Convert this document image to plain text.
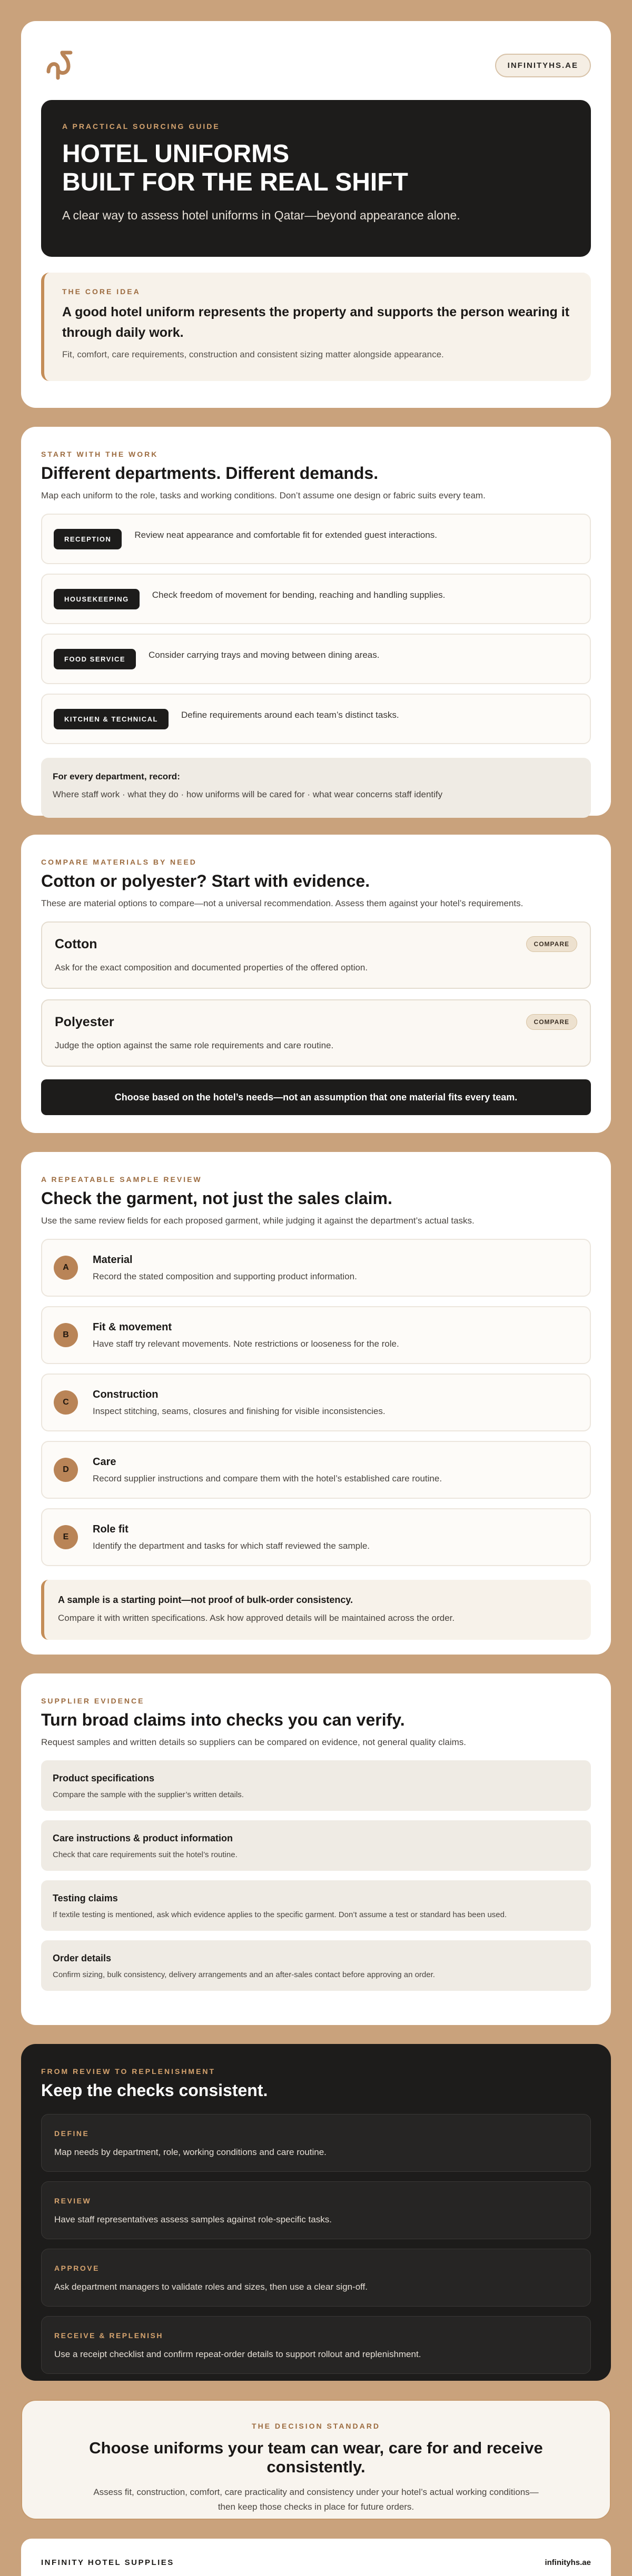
INFINITYHS.AE
A PRACTICAL SOURCING GUIDE
HOTEL UNIFORMS
BUILT FOR THE REAL SHIFT
A clear way to assess hotel uniforms in Qatar—beyond appearance alone.
THE CORE IDEA
A good hotel uniform represents the property and supports the person wearing it through daily work.
Fit, comfort, care requirements, construction and consistent sizing matter alongside appearance.
START WITH THE WORK
Different departments. Different demands.
Map each uniform to the role, tasks and working conditions. Don’t assume one design or fabric suits every team.
RECEPTION	Review neat appearance and comfortable fit for extended guest interactions.
HOUSEKEEPING	Check freedom of movement for bending, reaching and handling supplies.
FOOD SERVICE	Consider carrying trays and moving between dining areas.
KITCHEN & TECHNICAL	Define requirements around each team’s distinct tasks.
For every department, record:
Where staff work · what they do · how uniforms will be cared for · what wear concerns staff identify
COMPARE MATERIALS BY NEED
Cotton or polyester? Start with evidence.
These are material options to compare—not a universal recommendation. Assess them against your hotel’s requirements.
Cotton	COMPARE
Ask for the exact composition and documented properties of the offered option.
Polyester	COMPARE
Judge the option against the same role requirements and care routine.
Choose based on the hotel’s needs—not an assumption that one material fits every team.
A REPEATABLE SAMPLE REVIEW
Check the garment, not just the sales claim.
Use the same review fields for each proposed garment, while judging it against the department’s actual tasks.
A
Material
Record the stated composition and supporting product information.
B
Fit & movement
Have staff try relevant movements. Note restrictions or looseness for the role.
C
Construction
Inspect stitching, seams, closures and finishing for visible inconsistencies.
D
Care
Record supplier instructions and compare them with the hotel’s established care routine.
E
Role fit
Identify the department and tasks for which staff reviewed the sample.
A sample is a starting point—not proof of bulk-order consistency.
Compare it with written specifications. Ask how approved details will be maintained across the order.
SUPPLIER EVIDENCE
Turn broad claims into checks you can verify.
Request samples and written details so suppliers can be compared on evidence, not general quality claims.
Product specifications
Compare the sample with the supplier’s written details.
Care instructions & product information
Check that care requirements suit the hotel’s routine.
Testing claims
If textile testing is mentioned, ask which evidence applies to the specific garment. Don’t assume a test or standard has been used.
Order details
Confirm sizing, bulk consistency, delivery arrangements and an after-sales contact before approving an order.
FROM REVIEW TO REPLENISHMENT
Keep the checks consistent.
DEFINE
Map needs by department, role, working conditions and care routine.
REVIEW
Have staff representatives assess samples against role-specific tasks.
APPROVE
Ask department managers to validate roles and sizes, then use a clear sign-off.
RECEIVE & REPLENISH
Use a receipt checklist and confirm repeat-order details to support rollout and replenishment.
THE DECISION STANDARD
Choose uniforms your team can wear, care for and receive consistently.
Assess fit, construction, comfort, care practicality and consistency under your hotel’s actual working conditions—
then keep those checks in place for future orders.
INFINITY HOTEL SUPPLIES	infinityhs.ae
